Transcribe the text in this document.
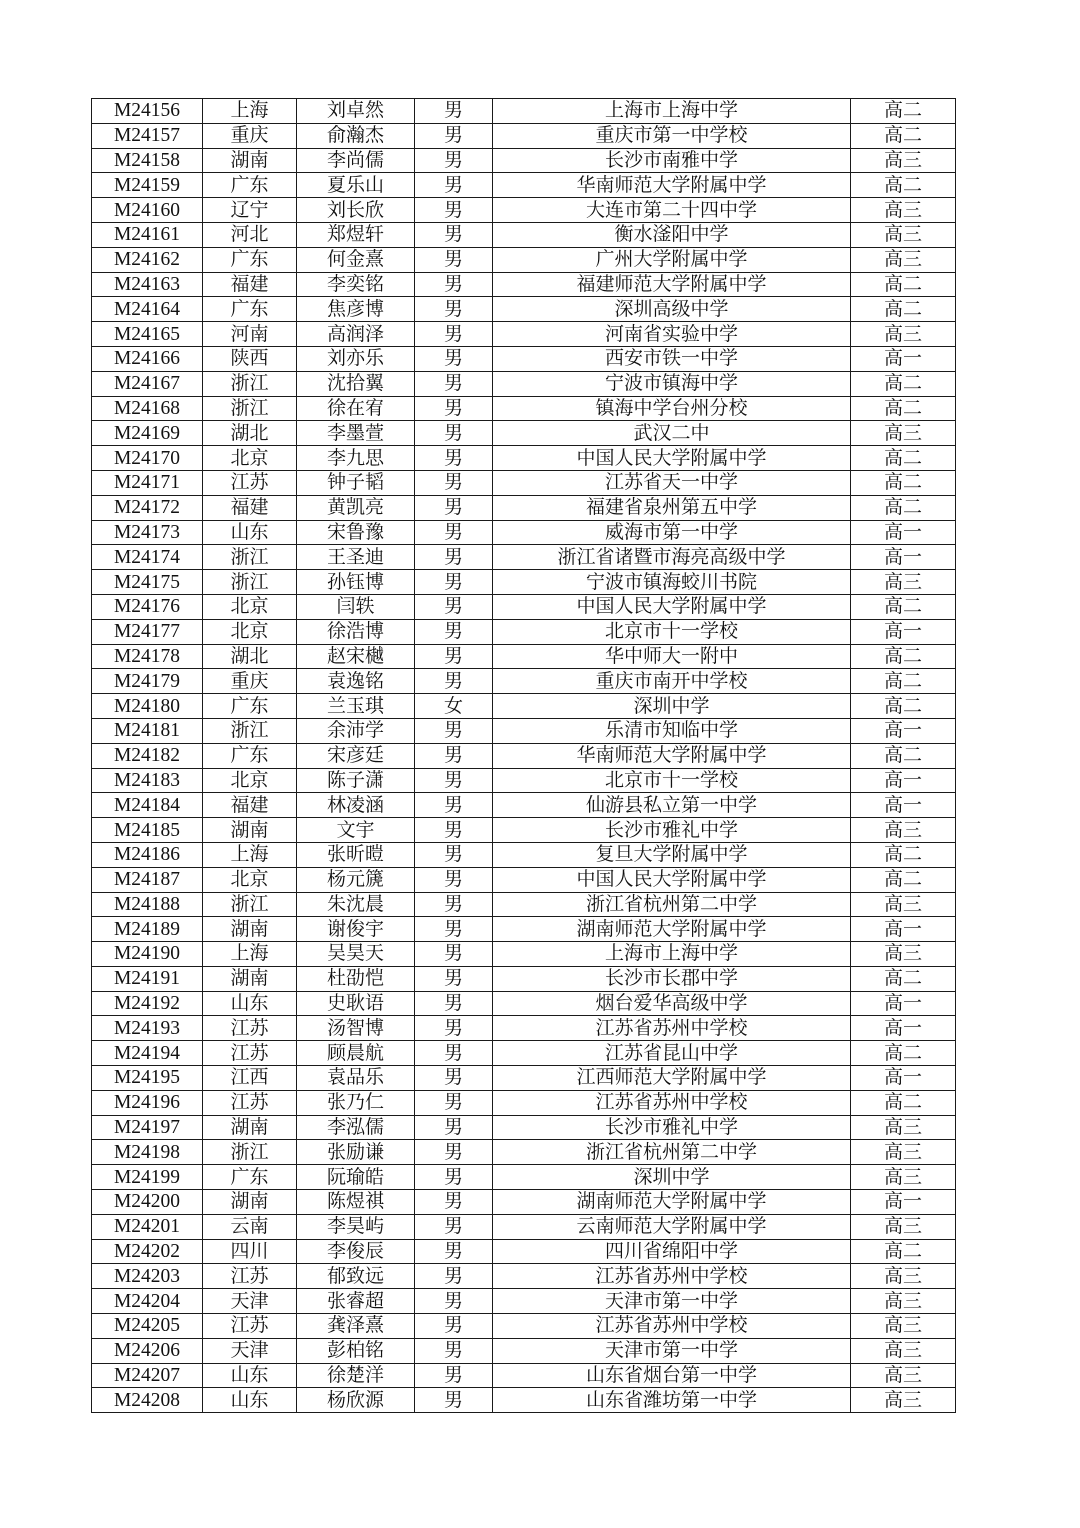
M24156	上海	刘卓然	男	上海市上海中学	高二
M24157	重庆	俞瀚杰	男	重庆市第一中学校	高二
M24158	湖南	李尚儒	男	长沙市南雅中学	高三
M24159	广东	夏乐山	男	华南师范大学附属中学	高二
M24160	辽宁	刘长欣	男	大连市第二十四中学	高三
M24161	河北	郑煜轩	男	衡水滏阳中学	高三
M24162	广东	何金熹	男	广州大学附属中学	高三
M24163	福建	李奕铭	男	福建师范大学附属中学	高二
M24164	广东	焦彦博	男	深圳高级中学	高二
M24165	河南	高润泽	男	河南省实验中学	高三
M24166	陕西	刘亦乐	男	西安市铁一中学	高一
M24167	浙江	沈拾翼	男	宁波市镇海中学	高二
M24168	浙江	徐在宥	男	镇海中学台州分校	高二
M24169	湖北	李墨萱	男	武汉二中	高三
M24170	北京	李九思	男	中国人民大学附属中学	高二
M24171	江苏	钟子韬	男	江苏省天一中学	高二
M24172	福建	黄凯亮	男	福建省泉州第五中学	高二
M24173	山东	宋鲁豫	男	威海市第一中学	高一
M24174	浙江	王圣迪	男	浙江省诸暨市海亮高级中学	高一
M24175	浙江	孙钰博	男	宁波市镇海蛟川书院	高三
M24176	北京	闫轶	男	中国人民大学附属中学	高二
M24177	北京	徐浩博	男	北京市十一学校	高一
M24178	湖北	赵宋樾	男	华中师大一附中	高二
M24179	重庆	袁逸铭	男	重庆市南开中学校	高二
M24180	广东	兰玉琪	女	深圳中学	高二
M24181	浙江	余沛学	男	乐清市知临中学	高一
M24182	广东	宋彦廷	男	华南师范大学附属中学	高二
M24183	北京	陈子潇	男	北京市十一学校	高一
M24184	福建	林凌涵	男	仙游县私立第一中学	高一
M24185	湖南	文宇	男	长沙市雅礼中学	高三
M24186	上海	张昕暟	男	复旦大学附属中学	高二
M24187	北京	杨元篪	男	中国人民大学附属中学	高二
M24188	浙江	朱沈晨	男	浙江省杭州第二中学	高三
M24189	湖南	谢俊宇	男	湖南师范大学附属中学	高一
M24190	上海	吴昊天	男	上海市上海中学	高三
M24191	湖南	杜劭恺	男	长沙市长郡中学	高二
M24192	山东	史耿语	男	烟台爱华高级中学	高一
M24193	江苏	汤智博	男	江苏省苏州中学校	高一
M24194	江苏	顾晨航	男	江苏省昆山中学	高二
M24195	江西	袁品乐	男	江西师范大学附属中学	高一
M24196	江苏	张乃仁	男	江苏省苏州中学校	高二
M24197	湖南	李泓儒	男	长沙市雅礼中学	高三
M24198	浙江	张励谦	男	浙江省杭州第二中学	高三
M24199	广东	阮瑜皓	男	深圳中学	高三
M24200	湖南	陈煜祺	男	湖南师范大学附属中学	高一
M24201	云南	李昊屿	男	云南师范大学附属中学	高三
M24202	四川	李俊辰	男	四川省绵阳中学	高二
M24203	江苏	郁致远	男	江苏省苏州中学校	高三
M24204	天津	张睿超	男	天津市第一中学	高三
M24205	江苏	龚泽熹	男	江苏省苏州中学校	高三
M24206	天津	彭柏铭	男	天津市第一中学	高三
M24207	山东	徐楚洋	男	山东省烟台第一中学	高三
M24208	山东	杨欣源	男	山东省潍坊第一中学	高三
